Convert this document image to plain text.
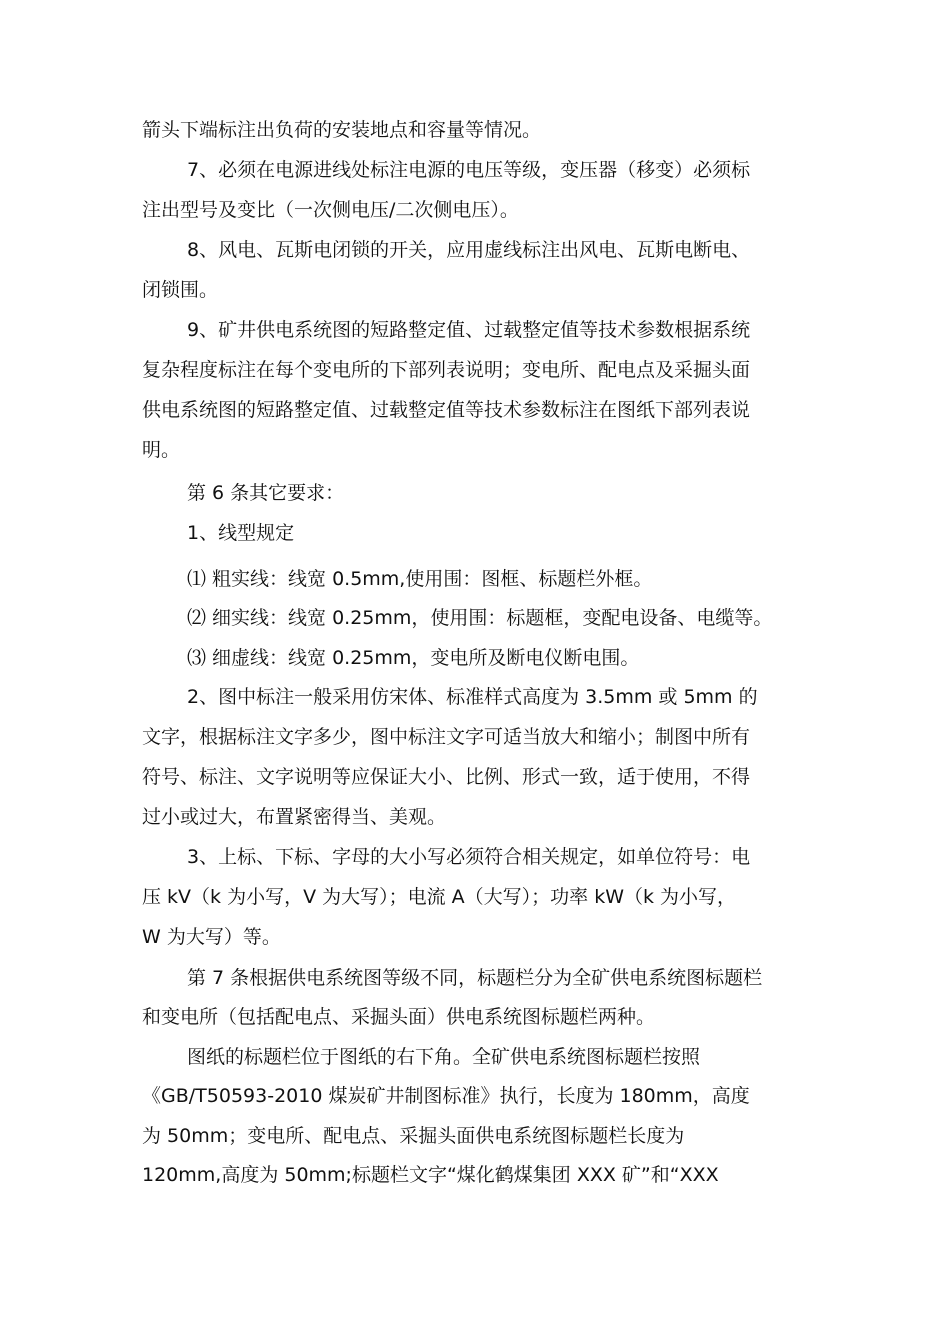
箭头下端标注出负荷的安装地点和容量等情况。

7、必须在电源进线处标注电源的电压等级，变压器（移变）必须标

注出型号及变比（一次侧电压/二次侧电压）。

8、风电、瓦斯电闭锁的开关，应用虚线标注出风电、瓦斯电断电、

闭锁围。

9、矿井供电系统图的短路整定值、过载整定值等技术参数根据系统

复杂程度标注在每个变电所的下部列表说明；变电所、配电点及采掘头面

供电系统图的短路整定值、过载整定值等技术参数标注在图纸下部列表说

明。

第 6 条其它要求：

1、线型规定

⑴ 粗实线：线宽 0.5mm,使用围：图框、标题栏外框。

⑵ 细实线：线宽 0.25mm，使用围：标题框，变配电设备、电缆等。

⑶ 细虚线：线宽 0.25mm，变电所及断电仪断电围。

2、图中标注一般采用仿宋体、标准样式高度为 3.5mm 或 5mm 的

文字，根据标注文字多少，图中标注文字可适当放大和缩小；制图中所有

符号、标注、文字说明等应保证大小、比例、形式一致，适于使用，不得

过小或过大，布置紧密得当、美观。

3、上标、下标、字母的大小写必须符合相关规定，如单位符号：电

压 kV（k 为小写，V 为大写）；电流 A（大写）；功率 kW（k 为小写，

W 为大写）等。

第 7 条根据供电系统图等级不同，标题栏分为全矿供电系统图标题栏

和变电所（包括配电点、采掘头面）供电系统图标题栏两种。

图纸的标题栏位于图纸的右下角。全矿供电系统图标题栏按照

《GB/T50593-2010 煤炭矿井制图标准》执行，长度为 180mm，高度

为 50mm；变电所、配电点、采掘头面供电系统图标题栏长度为

120mm,高度为 50mm;标题栏文字“煤化鹤煤集团 XXX 矿”和“XXX
